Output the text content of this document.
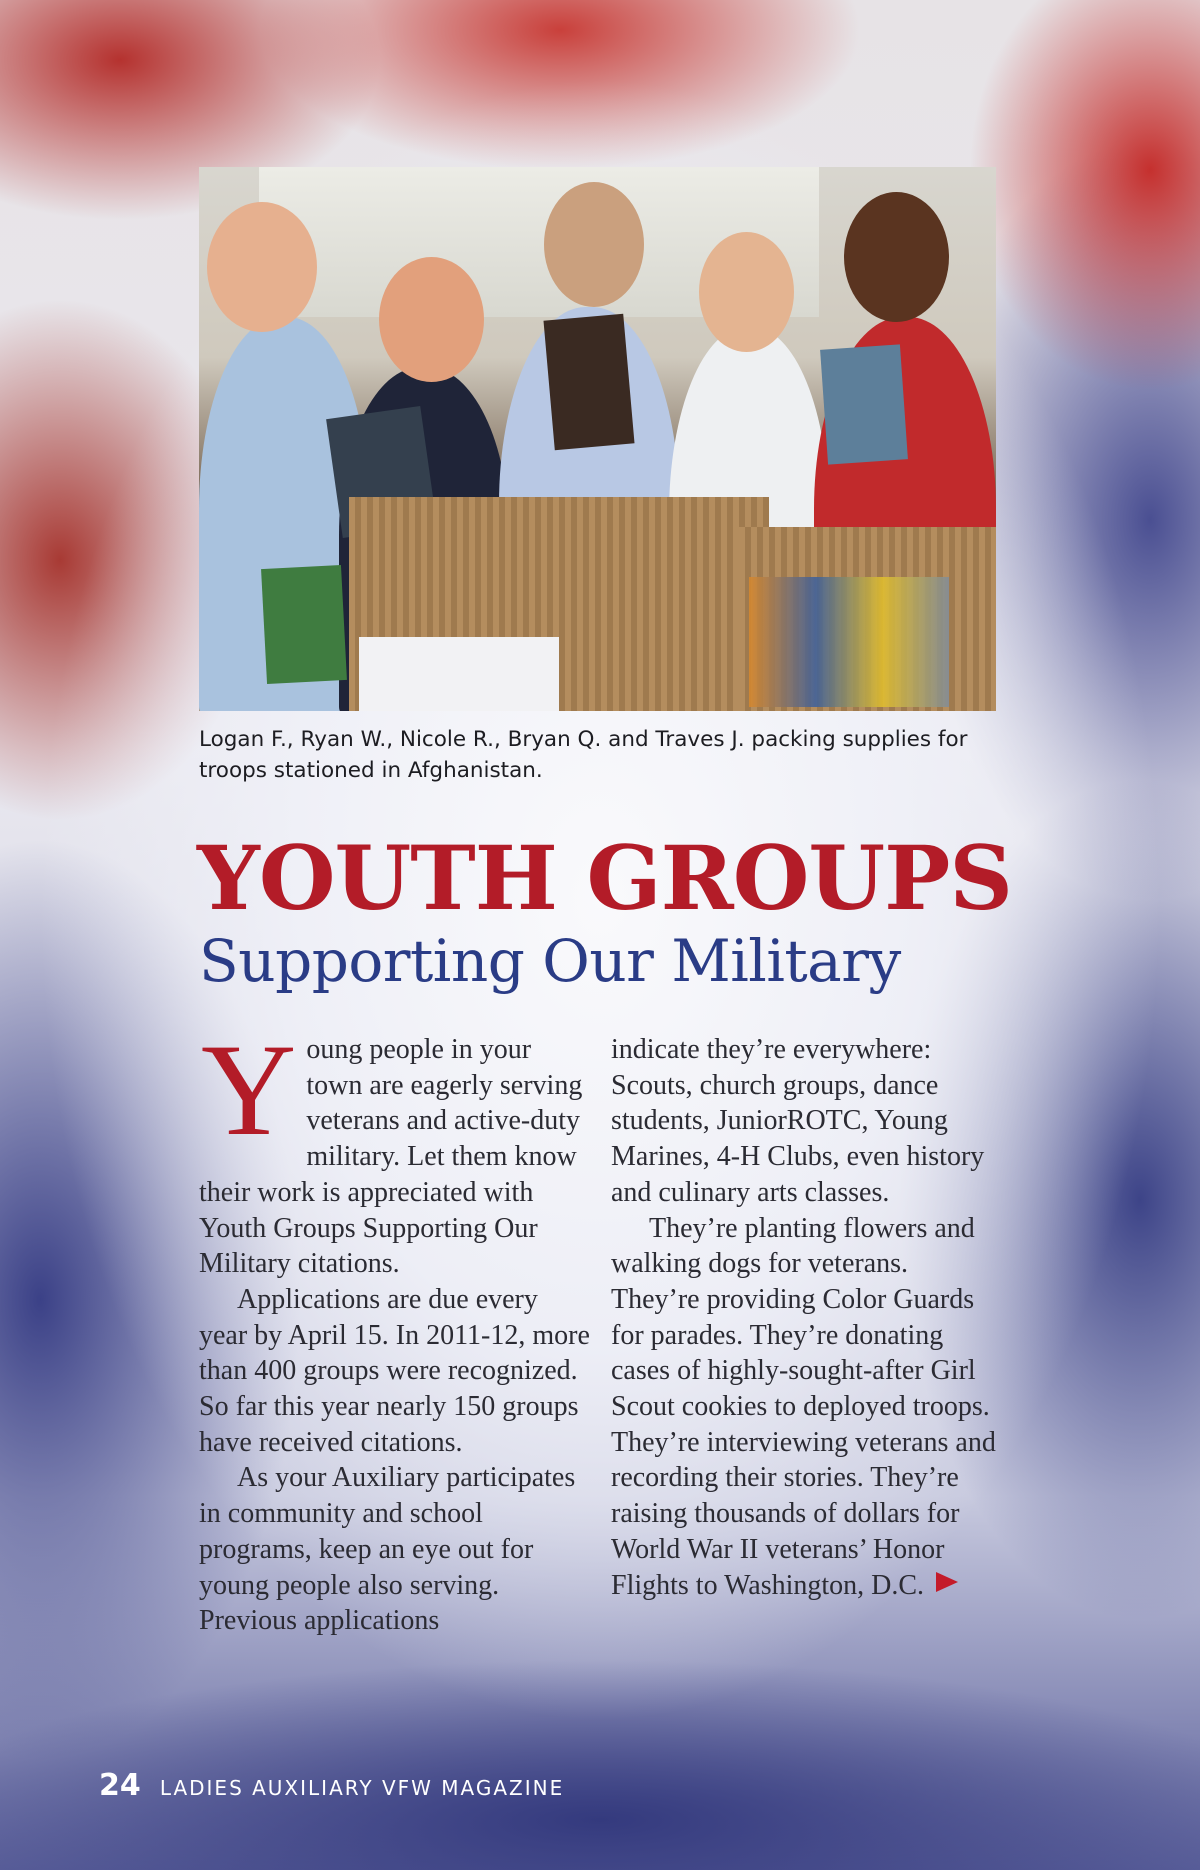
Logan F., Ryan W., Nicole R., Bryan Q. and Traves J. packing supplies for troops stationed in Afghanistan.
YOUTH GROUPS
Supporting Our Military

Young people in your town are eagerly serving veterans and active-duty military. Let them know their work is appreciated with Youth Groups Supporting Our Military citations.

Applications are due every year by April 15. In 2011-12, more than 400 groups were recognized. So far this year nearly 150 groups have received citations.

As your Auxiliary participates in community and school programs, keep an eye out for young people also serving. Previous applications

indicate they’re everywhere: Scouts, church groups, dance students, JuniorROTC, Young Marines, 4-H Clubs, even history and culinary arts classes.

They’re planting flowers and walking dogs for veterans. They’re providing Color Guards for parades. They’re donating cases of highly-sought-after Girl Scout cookies to deployed troops. They’re interviewing veterans and recording their stories. They’re raising thousands of dollars for World War II veterans’ Honor Flights to Washington, D.C.

24 LADIES AUXILIARY VFW MAGAZINE
